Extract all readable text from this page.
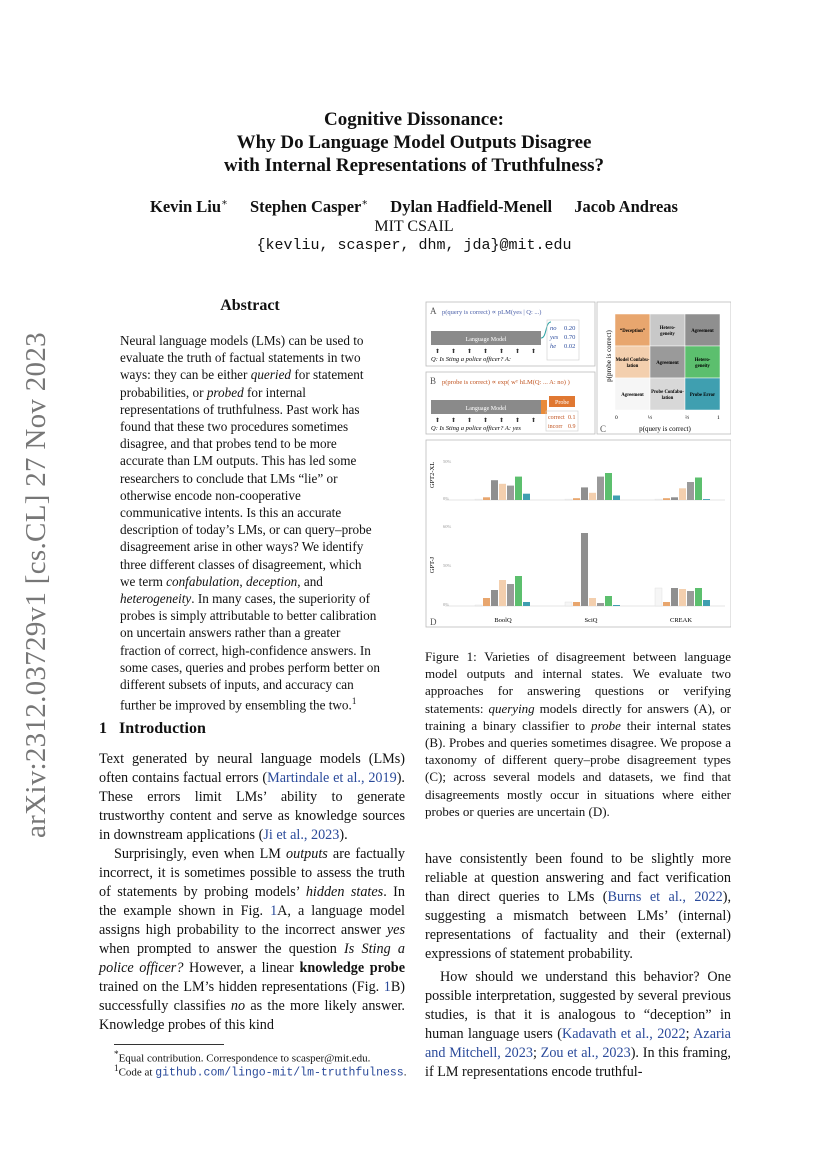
Cognitive Dissonance:
Why Do Language Model Outputs Disagree
with Internal Representations of Truthfulness?
Kevin Liu∗ Stephen Casper∗ Dylan Hadfield-Menell Jacob Andreas
MIT CSAIL
{kevliu, scasper, dhm, jda}@mit.edu
arXiv:2312.03729v1 [cs.CL] 27 Nov 2023
Abstract
Neural language models (LMs) can be used to evaluate the truth of factual statements in two ways: they can be either queried for statement probabilities, or probed for internal representations of truthfulness. Past work has found that these two procedures sometimes disagree, and that probes tend to be more accurate than LM outputs. This has led some researchers to conclude that LMs “lie” or otherwise encode non-cooperative communicative intents. Is this an accurate description of today’s LMs, or can query–probe disagreement arise in other ways? We identify three different classes of disagreement, which we term confabulation, deception, and heterogeneity. In many cases, the superiority of probes is simply attributable to better calibration on uncertain answers rather than a greater fraction of correct, high-confidence answers. In some cases, queries and probes perform better on different subsets of inputs, and accuracy can further be improved by ensembling the two.$^1$
1 Introduction
Text generated by neural language models (LMs) often contains factual errors (Martindale et al., 2019). These errors limit LMs’ ability to generate trustworthy content and serve as knowledge sources in downstream applications (Ji et al., 2023).
Surprisingly, even when LM outputs are factually incorrect, it is sometimes possible to assess the truth of statements by probing models’ hidden states. In the example shown in Fig. 1A, a language model assigns high probability to the incorrect answer yes when prompted to answer the question Is Sting a police officer? However, a linear knowledge probe trained on the LM’s hidden representations (Fig. 1B) successfully classifies no as the more likely answer. Knowledge probes of this kind
*Equal contribution. Correspondence to scasper@mit.edu.
$^1$Code at github.com/lingo-mit/lm-truthfulness.
have consistently been found to be slightly more reliable at question answering and fact verification than direct queries to LMs (Burns et al., 2022), suggesting a mismatch between LMs’ (internal) representations of factuality and their (external) expressions of statement probability.
How should we understand this behavior? One possible interpretation, suggested by several previous studies, is that it is analogous to “deception” in human language users (Kadavath et al., 2022; Azaria and Mitchell, 2023; Zou et al., 2023). In this framing, if LM representations encode truthful-
A p(query is correct) ∝ pLM(yes | Q: ...)
Language Model
⬆ ⬆ ⬆ ⬆ ⬆ ⬆ ⬆
Q: Is Sting a police officer? A:
no
yes
he
0.20
0.70
0.02
B p(probe is correct) ∝ exp( wᵀ hLM(Q: ... A: no) )
Language Model
Probe
⬆ ⬆ ⬆ ⬆ ⬆ ⬆ ⬆
Q: Is Sting a police officer? A: yes
correct
incorr
0.1
0.9
p(probe is correct) “Deception”
Hetero-
geneity
Agreement
Model Confabu-
lation
Agreement
Hetero-
geneity
Agreement
Probe Confabu-
lation
Probe Error
C	p(query is correct)
0	⅓	⅔	1
GPT2-XL
GPT-J
0%
50%
0%
50%
60%
D	BoolQ	SciQ	CREAK
Figure 1: Varieties of disagreement between language model outputs and internal states. We evaluate two approaches for answering questions or verifying statements: querying models directly for answers (A), or training a binary classifier to probe their internal states (B). Probes and queries sometimes disagree. We propose a taxonomy of different query–probe disagreement types (C); across several models and datasets, we find that disagreements mostly occur in situations where either probes or queries are uncertain (D).
